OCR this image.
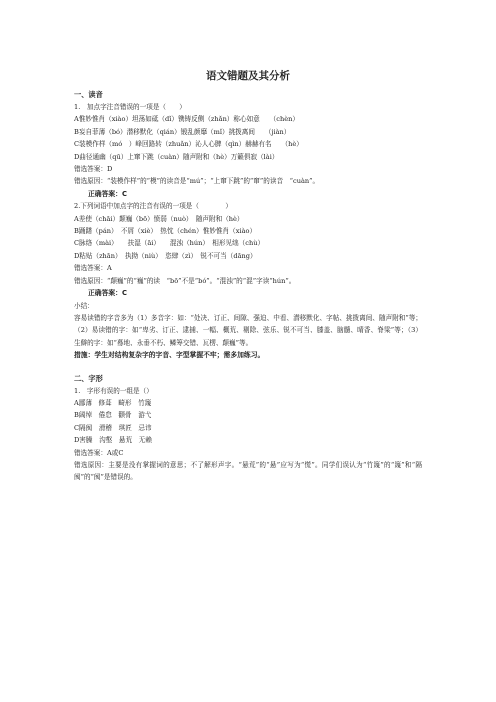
语文错题及其分析
一、读音

1.　加点字注音错误的一项是（　　）

A惟妙惟肖（xiào）坦荡如砥（dǐ）镌铸反侧（zhǎn）称心如意　　（chèn）

B妄自菲薄（bó）潜移默化（qián）锻乱颜靡（mǐ）挑拨离间　　（jiàn）

C装模作样（mó　）峰回路转（zhuǎn）沁人心脾（qìn）赫赫有名　　（hè）

D曲径通幽（qū）上窜下跳（cuàn）随声附和（hè）万籁俱寂（lài）

错选答案：D

错选原因：“装模作样”的“模”的读音是“mú”；“上窜下跳”的“窜”的读音　“cuàn”。

正确答案：C

2.下列词语中加点字的注音有误的一项是（　　　　）

A差使（chāi）颠巍（bō）愤弱（nuò）　随声附和（hè）

B踊躇（pán）　不屑（xiè）　热忱（chén）惟妙惟肖（xiào）

C脉络（mài）　　扶湿（āi）　　混浊（hún）　相形见绌（chù）

D粘贴（zhān）　执拗（niù）　恣肆（zì）　锐不可当（dāng）

错选答案：A

错选原因：“颠巍”的“巍”的读　“bō”不是“bó”。“混浊”的“混”字读“hún”。

正确答案：C

小结：

容易读错的字音多为（1）多音字：如：“处决、订正、间隙、强迫、中看、潜移默化、字帖、挑拨离间、随声附和”等；（2）易读错的字：如“卑劣、订正、逮捕、一幅、概荒、剔除、弦乐、锐不可当、膝盖、脑髓、晴香、脊梁”等；（3）生僻的字：如“蓦地、永垂不朽、鳞筹交错、瓦楞、颠巍”等。

措施：学生对结构复杂字的字音、字型掌握不牢；需多加练习。

二、字形

1.　字形有误的一组是（）

A鄙薄　修葺　畸形　竹篾

B阔绰　倦怠　颧骨　游弋

C隔阂　滑稽　琪匠　忌讳

D害臊　沟壑　悬荒　无赖

错选答案：A或C

错选原因：主要是没有掌握词的意思；不了解形声字。“悬荒”的“悬”应写为“慌”。同学们误认为“竹篾”的“篾”和“隔阂”的“阂”是错误的。
